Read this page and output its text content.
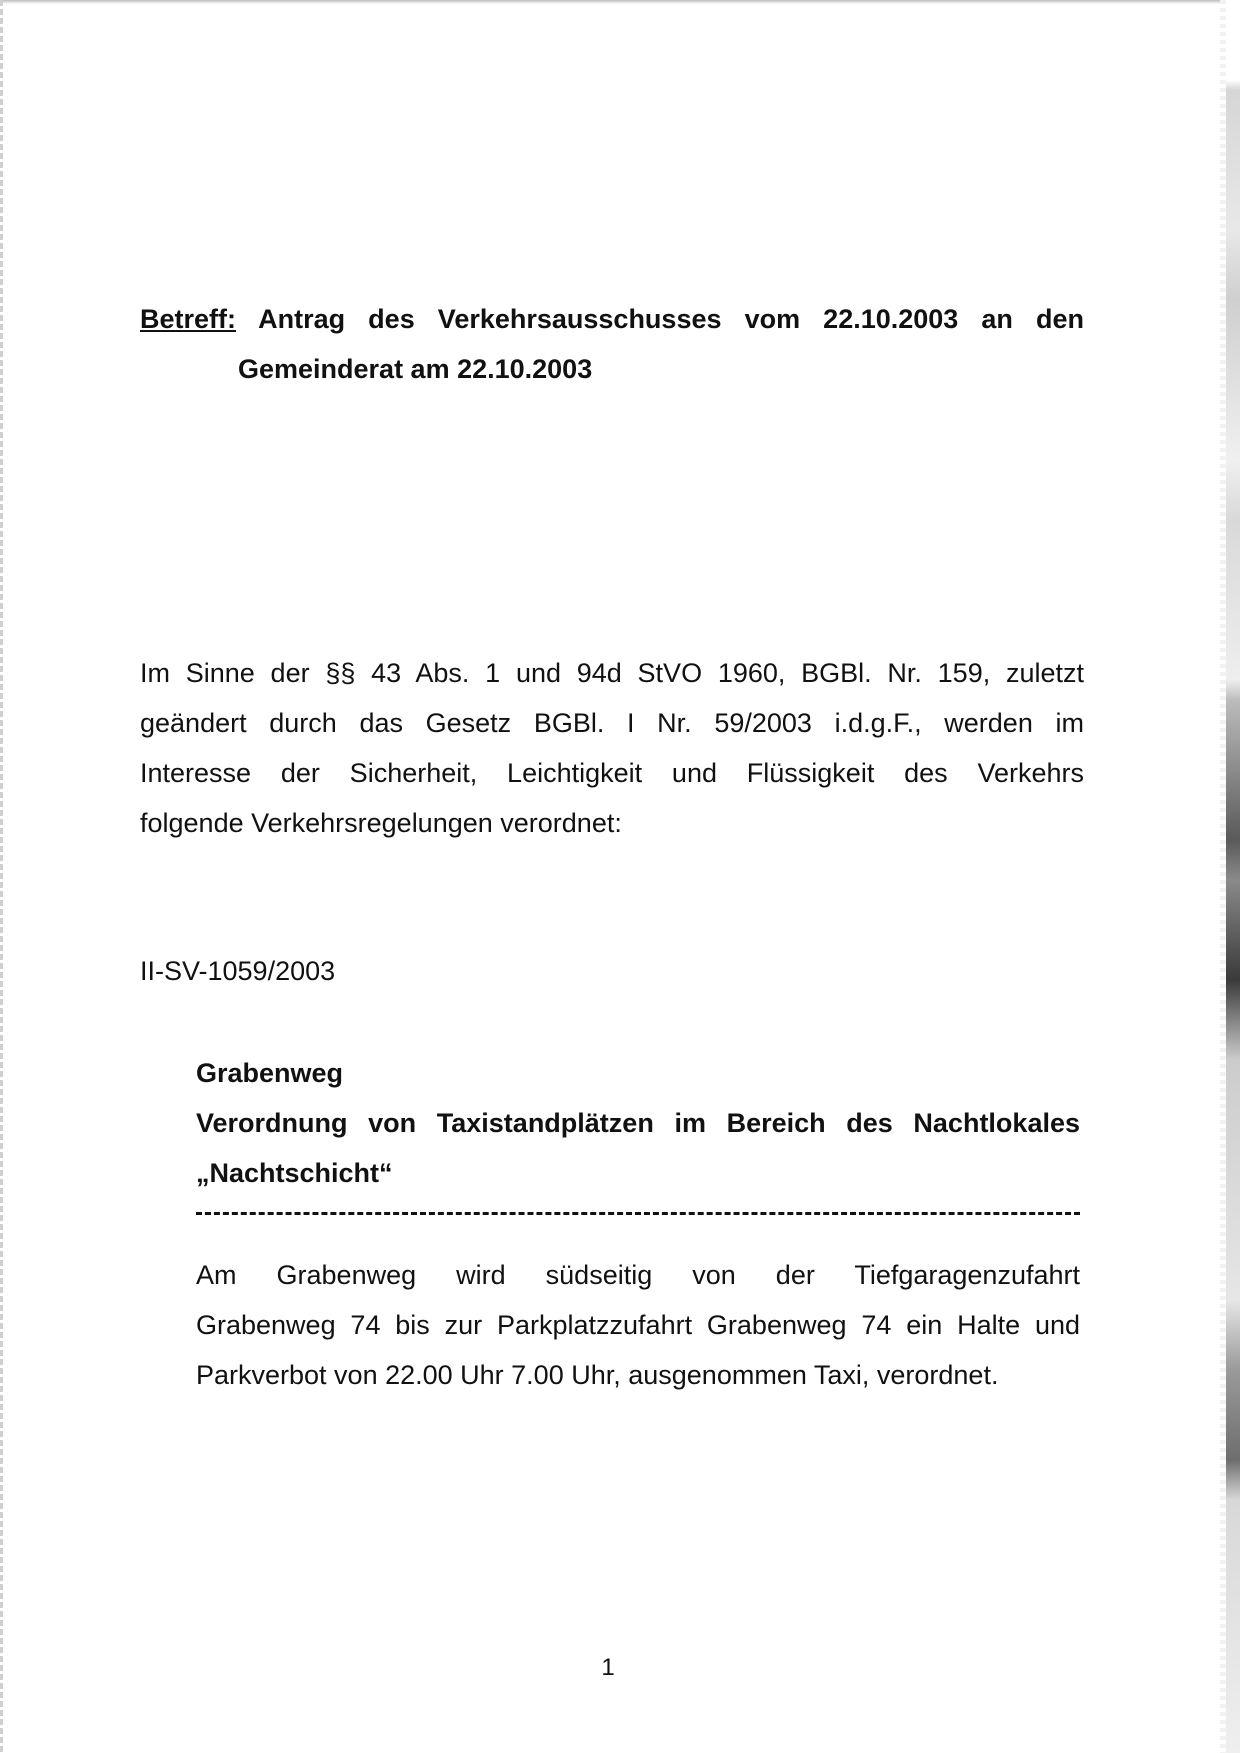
Betreff: Antrag des Verkehrsausschusses vom 22.10.2003 an den
Gemeinderat am 22.10.2003
Im Sinne der §§ 43 Abs. 1 und 94d StVO 1960, BGBl. Nr. 159, zuletzt
geändert durch das Gesetz BGBl. I Nr. 59/2003 i.d.g.F., werden im
Interesse der Sicherheit, Leichtigkeit und Flüssigkeit des Verkehrs
folgende Verkehrsregelungen verordnet:
II-SV-1059/2003
Grabenweg
Verordnung von Taxistandplätzen im Bereich des Nachtlokales
„Nachtschicht“
Am Grabenweg wird südseitig von der Tiefgaragenzufahrt
Grabenweg 74 bis zur Parkplatzzufahrt Grabenweg 74 ein Halte und
Parkverbot von 22.00 Uhr 7.00 Uhr, ausgenommen Taxi, verordnet.
1
